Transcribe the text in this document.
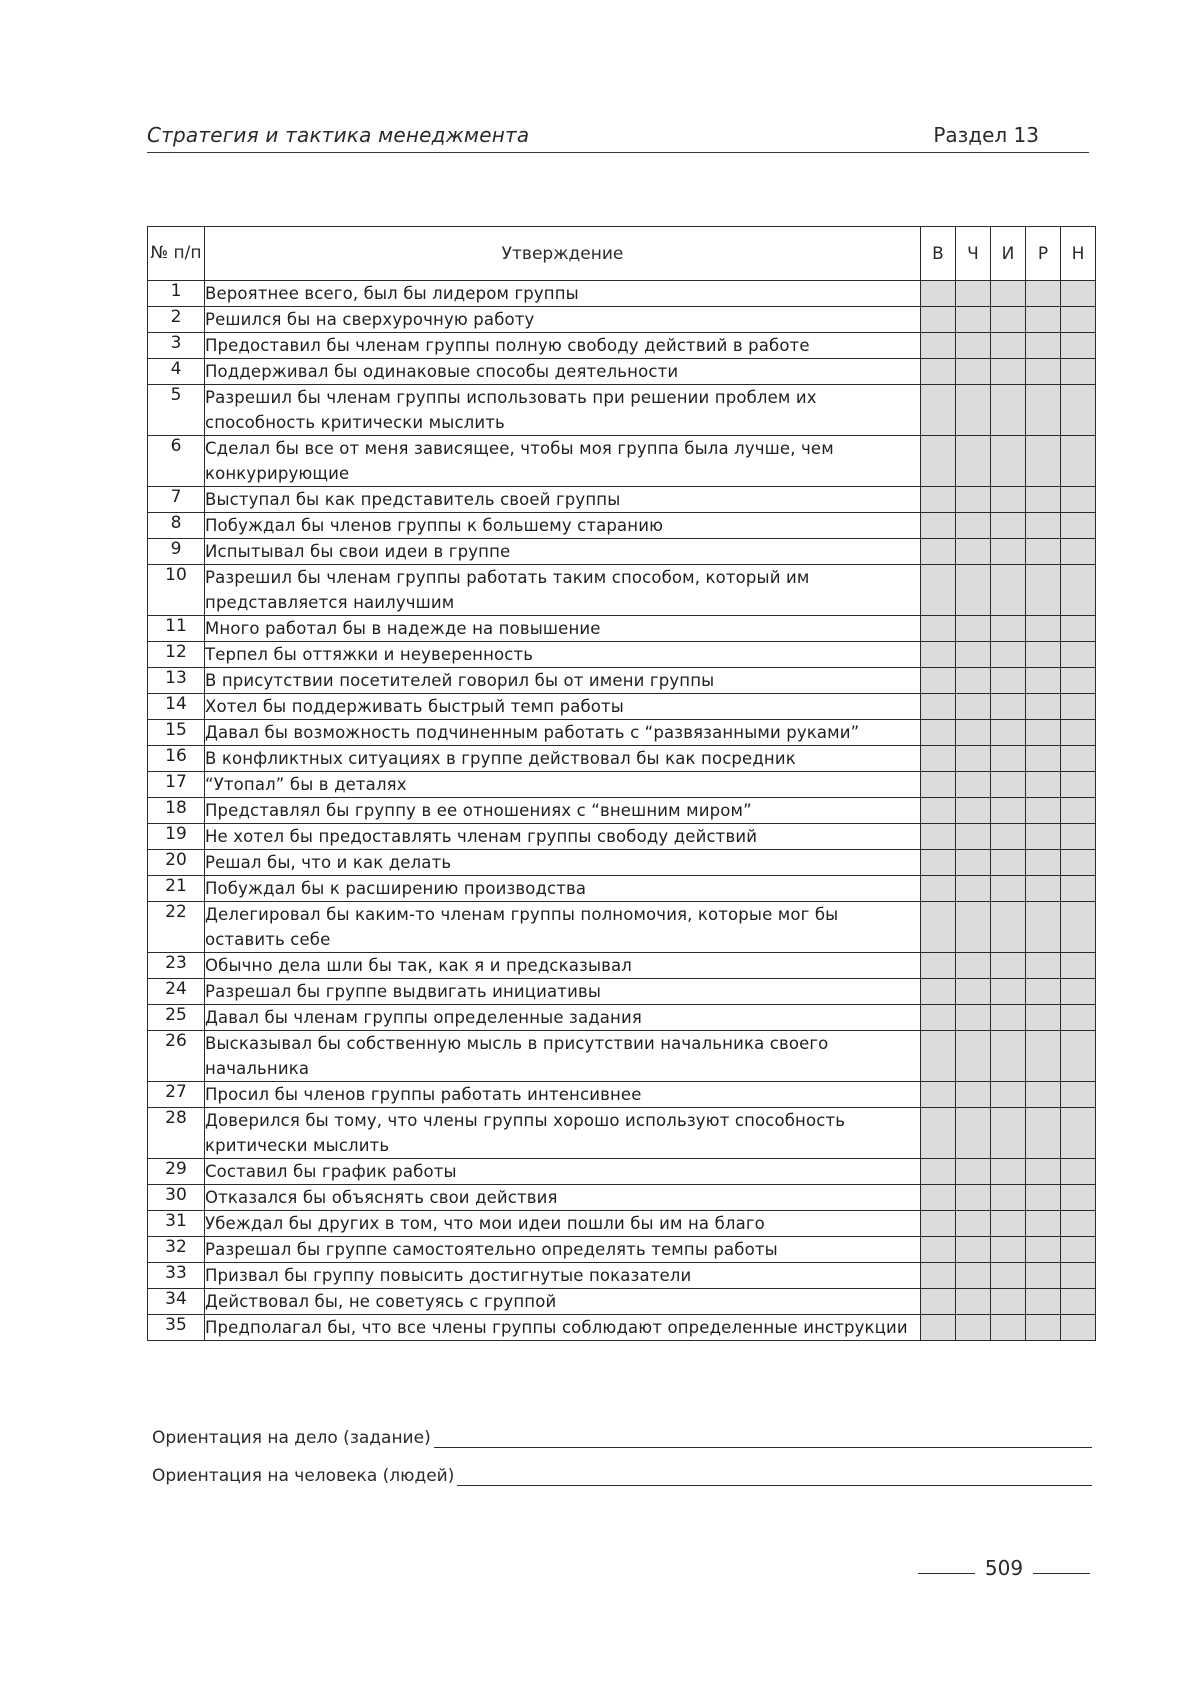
Стратегия и тактика менеджмента	Раздел 13
№ п/п	Утверждение	В	Ч	И	Р	Н
1	Вероятнее всего, был бы лидером группы					
2	Решился бы на сверхурочную работу					
3	Предоставил бы членам группы полную свободу действий в работе					
4	Поддерживал бы одинаковые способы деятельности					
5	Разрешил бы членам группы использовать при решении проблем их способность критически мыслить					
6	Сделал бы все от меня зависящее, чтобы моя группа была лучше, чем конкурирующие					
7	Выступал бы как представитель своей группы					
8	Побуждал бы членов группы к большему старанию					
9	Испытывал бы свои идеи в группе					
10	Разрешил бы членам группы работать таким способом, который им представляется наилучшим					
11	Много работал бы в надежде на повышение					
12	Терпел бы оттяжки и неуверенность					
13	В присутствии посетителей говорил бы от имени группы					
14	Хотел бы поддерживать быстрый темп работы					
15	Давал бы возможность подчиненным работать с “развязанными руками”					
16	В конфликтных ситуациях в группе действовал бы как посредник					
17	“Утопал” бы в деталях					
18	Представлял бы группу в ее отношениях с “внешним миром”					
19	Не хотел бы предоставлять членам группы свободу действий					
20	Решал бы, что и как делать					
21	Побуждал бы к расширению производства					
22	Делегировал бы каким-то членам группы полномочия, которые мог бы оставить себе					
23	Обычно дела шли бы так, как я и предсказывал					
24	Разрешал бы группе выдвигать инициативы					
25	Давал бы членам группы определенные задания					
26	Высказывал бы собственную мысль в присутствии начальника своего начальника					
27	Просил бы членов группы работать интенсивнее					
28	Доверился бы тому, что члены группы хорошо используют способность критически мыслить					
29	Составил бы график работы					
30	Отказался бы объяснять свои действия					
31	Убеждал бы других в том, что мои идеи пошли бы им на благо					
32	Разрешал бы группе самостоятельно определять темпы работы					
33	Призвал бы группу повысить достигнутые показатели					
34	Действовал бы, не советуясь с группой					
35	Предполагал бы, что все члены группы соблюдают определенные инструкции					
Ориентация на дело (задание)
Ориентация на человека (людей)
509
